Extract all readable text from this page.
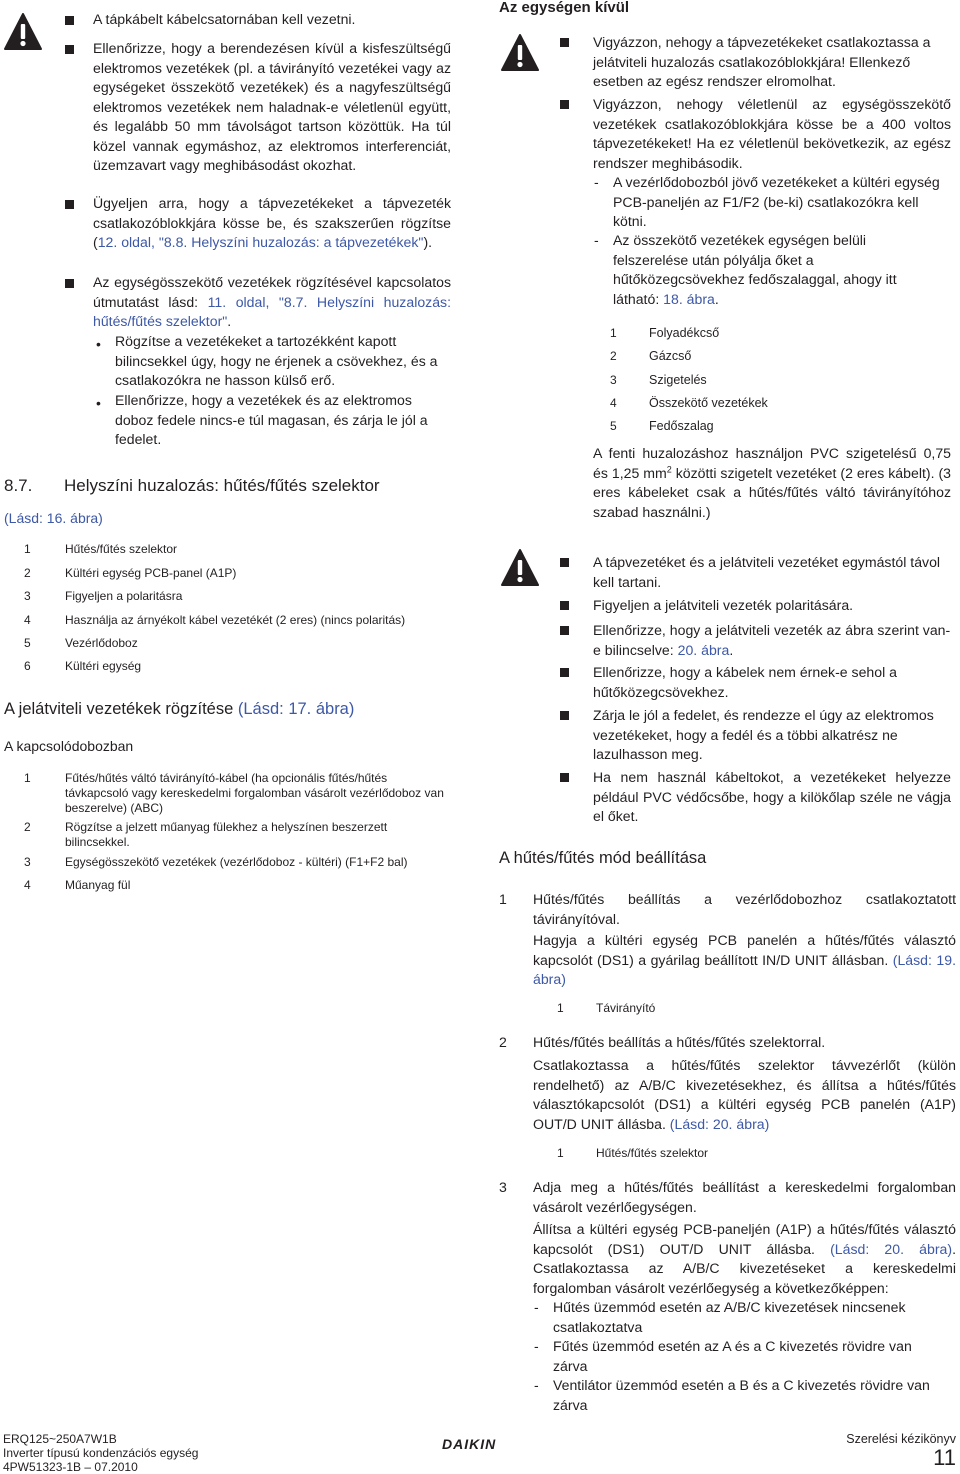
A tápkábelt kábelcsatornában kell vezetni.
Ellenőrizze, hogy a berendezésen kívül a kisfeszültségű elektromos vezetékek (pl. a távirányító vezetékei vagy az egységeket összekötő vezetékek) és a nagyfeszültségű elektromos vezetékek nem haladnak-e véletlenül együtt, és legalább 50 mm távolságot tartson közöttük. Ha túl közel vannak egymáshoz, az elektromos interferenciát, üzemzavart vagy meghibásodást okozhat.
Ügyeljen arra, hogy a tápvezetékeket a tápvezeték csatlakozóblokkjára kösse be, és szakszerűen rögzítse (12. oldal, "8.8. Helyszíni huzalozás: a tápvezetékek").
Az egységösszekötő vezetékek rögzítésével kapcsolatos útmutatást lásd: 11. oldal, "8.7. Helyszíni huzalozás: hűtés/fűtés szelektor".
• Rögzítse a vezetékeket a tartozékként kapott bilincsekkel úgy, hogy ne érjenek a csövekhez, és a csatlakozókra ne hasson külső erő.
• Ellenőrizze, hogy a vezetékek és az elektromos doboz fedele nincs-e túl magasan, és zárja le jól a fedelet.
8.7. Helyszíni huzalozás: hűtés/fűtés szelektor
(Lásd: 16. ábra)
1	Hűtés/fűtés szelektor
2	Kültéri egység PCB-panel (A1P)
3	Figyeljen a polaritásra
4	Használja az árnyékolt kábel vezetékét (2 eres) (nincs polaritás)
5	Vezérlődoboz
6	Kültéri egység
A jelátviteli vezetékek rögzítése (Lásd: 17. ábra)
A kapcsolódobozban
1	Fűtés/hűtés váltó távirányító-kábel (ha opcionális fűtés/hűtés távkapcsoló vagy kereskedelmi forgalomban vásárolt vezérlődoboz van beszerelve) (ABC)
2	Rögzítse a jelzett műanyag fülekhez a helyszínen beszerzett bilincsekkel.
3	Egységösszekötő vezetékek (vezérlődoboz - kültéri) (F1+F2 bal)
4	Műanyag fül
Az egységen kívül
Vigyázzon, nehogy a tápvezetékeket csatlakoztassa a jelátviteli huzalozás csatlakozóblokkjára! Ellenkező esetben az egész rendszer elromolhat.
Vigyázzon, nehogy véletlenül az egységösszekötő vezetékek csatlakozóblokkjára kösse be a 400 voltos tápvezetékeket! Ha ez véletlenül bekövetkezik, az egész rendszer meghibásodik.
- A vezérlődobozból jövő vezetékeket a kültéri egység PCB-paneljén az F1/F2 (be-ki) csatlakozókra kell kötni.
- Az összekötő vezetékek egységen belüli felszerelése után pólyálja őket a hűtőközegcsövekhez fedőszalaggal, ahogy itt látható: 18. ábra.
1	Folyadékcső
2	Gázcső
3	Szigetelés
4	Összekötő vezetékek
5	Fedőszalag
A fenti huzalozáshoz használjon PVC szigetelésű 0,75 és 1,25 $mm^2$ közötti szigetelt vezetéket (2 eres kábelt). (3 eres kábeleket csak a hűtés/fűtés váltó távirányítóhoz szabad használni.)
A tápvezetéket és a jelátviteli vezetéket egymástól távol kell tartani.
Figyeljen a jelátviteli vezeték polaritására.
Ellenőrizze, hogy a jelátviteli vezeték az ábra szerint van-e bilincselve: 20. ábra.
Ellenőrizze, hogy a kábelek nem érnek-e sehol a hűtőközegcsövekhez.
Zárja le jól a fedelet, és rendezze el úgy az elektromos vezetékeket, hogy a fedél és a többi alkatrész ne lazulhasson meg.
Ha nem használ kábeltokot, a vezetékeket helyezze például PVC védőcsőbe, hogy a kilökőlap széle ne vágja el őket.
A hűtés/fűtés mód beállítása
1 Hűtés/fűtés beállítás a vezérlődobozhoz csatlakoztatott távirányítóval.
Hagyja a kültéri egység PCB panelén a hűtés/fűtés választó kapcsolót (DS1) a gyárilag beállított IN/D UNIT állásban. (Lásd: 19. ábra)
1	Távirányító
2 Hűtés/fűtés beállítás a hűtés/fűtés szelektorral.
Csatlakoztassa a hűtés/fűtés szelektor távvezérlőt (külön rendelhető) az A/B/C kivezetésekhez, és állítsa a hűtés/fűtés választókapcsolót (DS1) a kültéri egység PCB panelén (A1P) OUT/D UNIT állásba. (Lásd: 20. ábra)
1	Hűtés/fűtés szelektor
3 Adja meg a hűtés/fűtés beállítást a kereskedelmi forgalomban vásárolt vezérlőegységen.
Állítsa a kültéri egység PCB-paneljén (A1P) a hűtés/fűtés választó kapcsolót (DS1) OUT/D UNIT állásba. (Lásd: 20. ábra). Csatlakoztassa az A/B/C kivezetéseket a kereskedelmi forgalomban vásárolt vezérlőegység a következőképpen:
- Hűtés üzemmód esetén az A/B/C kivezetések nincsenek csatlakoztatva
- Fűtés üzemmód esetén az A és a C kivezetés rövidre van zárva
- Ventilátor üzemmód esetén a B és a C kivezetés rövidre van zárva
ERQ125~250A7W1B
Inverter típusú kondenzációs egység
4PW51323-1B – 07.2010
DAIKIN	Szerelési kézikönyv
11
